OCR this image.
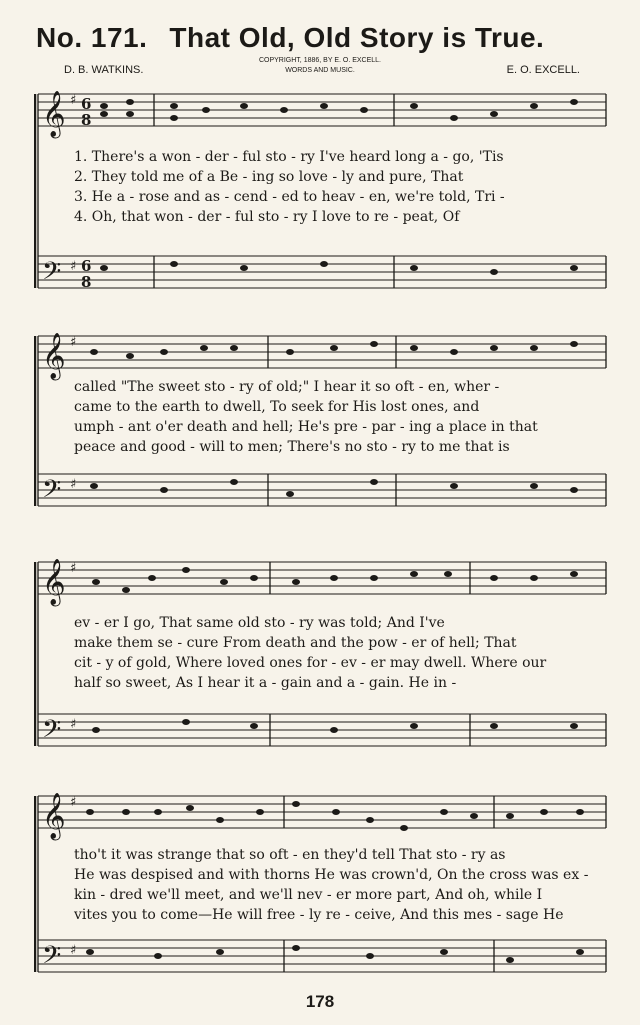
No. 171. That Old, Old Story is True.
D. B. WATKINS.
COPYRIGHT, 1886, BY E. O. EXCELL.
WORDS AND MUSIC.	E. O. EXCELL.
𝄞
𝄢
♯
♯
6
8
6
8
1. There's a won - der - ful sto - ry I've heard long a - go, 'Tis
2. They told me of a Be - ing so love - ly and pure, That
3. He a - rose and as - cend - ed to heav - en, we're told, Tri -
4. Oh, that won - der - ful sto - ry I love to re - peat, Of
𝄞
𝄢
♯
♯
called "The sweet sto - ry of old;" I hear it so oft - en, wher -
came to the earth to dwell, To seek for His lost ones, and
umph - ant o'er death and hell; He's pre - par - ing a place in that
peace and good - will to men; There's no sto - ry to me that is
𝄞
𝄢
♯
♯
ev - er I go, That same old sto - ry was told; And I've
make them se - cure From death and the pow - er of hell; That
cit - y of gold, Where loved ones for - ev - er may dwell. Where our
half so sweet, As I hear it a - gain and a - gain. He in -
𝄞
𝄢
♯
♯
tho't it was strange that so oft - en they'd tell That sto - ry as
He was despised and with thorns He was crown'd, On the cross was ex -
kin - dred we'll meet, and we'll nev - er more part, And oh, while I
vites you to come—He will free - ly re - ceive, And this mes - sage He
178
